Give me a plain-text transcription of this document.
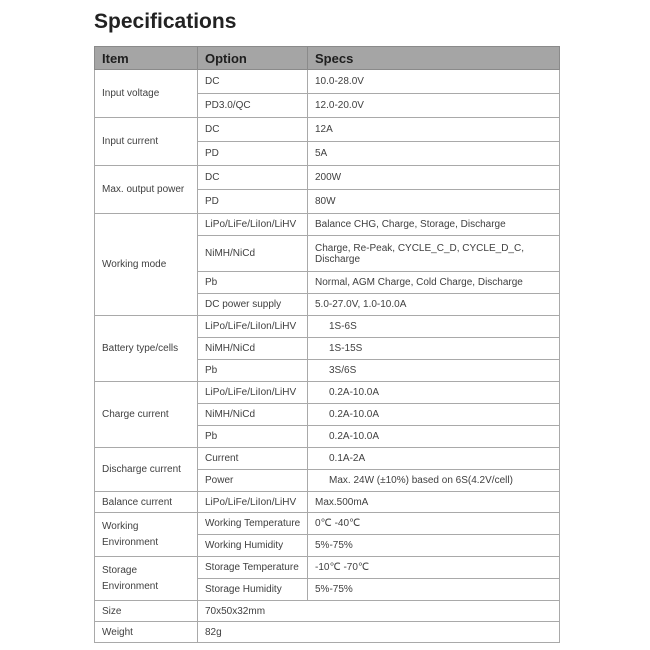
Specifications
Item	Option	Specs
Input voltage	DC	10.0-28.0V
	PD3.0/QC	12.0-20.0V
Input current	DC	12A
	PD	5A

Max. output power	DC	200W
	PD	80W
Working mode	LiPo/LiFe/LiIon/LiHV	Balance CHG, Charge, Storage, Discharge
	NiMH/NiCd	Charge, Re-Peak, CYCLE_C_D, CYCLE_D_C, Discharge
	Pb	Normal, AGM Charge, Cold Charge, Discharge
	DC power supply	5.0-27.0V, 1.0-10.0A
Battery type/cells	LiPo/LiFe/LiIon/LiHV	1S-6S
	NiMH/NiCd	1S-15S
	Pb	3S/6S
Charge current	LiPo/LiFe/LiIon/LiHV	0.2A-10.0A
	NiMH/NiCd	0.2A-10.0A
	Pb	0.2A-10.0A
Discharge current	Current	0.1A-2A
	Power	Max. 24W (±10%) based on 6S(4.2V/cell)
Balance current	LiPo/LiFe/LiIon/LiHV	Max.500mA

Working Environment	Working Temperature	0℃ -40℃
	Working Humidity	5%-75%

Storage Environment	Storage Temperature	-10℃ -70℃
	Storage Humidity	5%-75%
Size	70x50x32mm	
Weight	82g	
